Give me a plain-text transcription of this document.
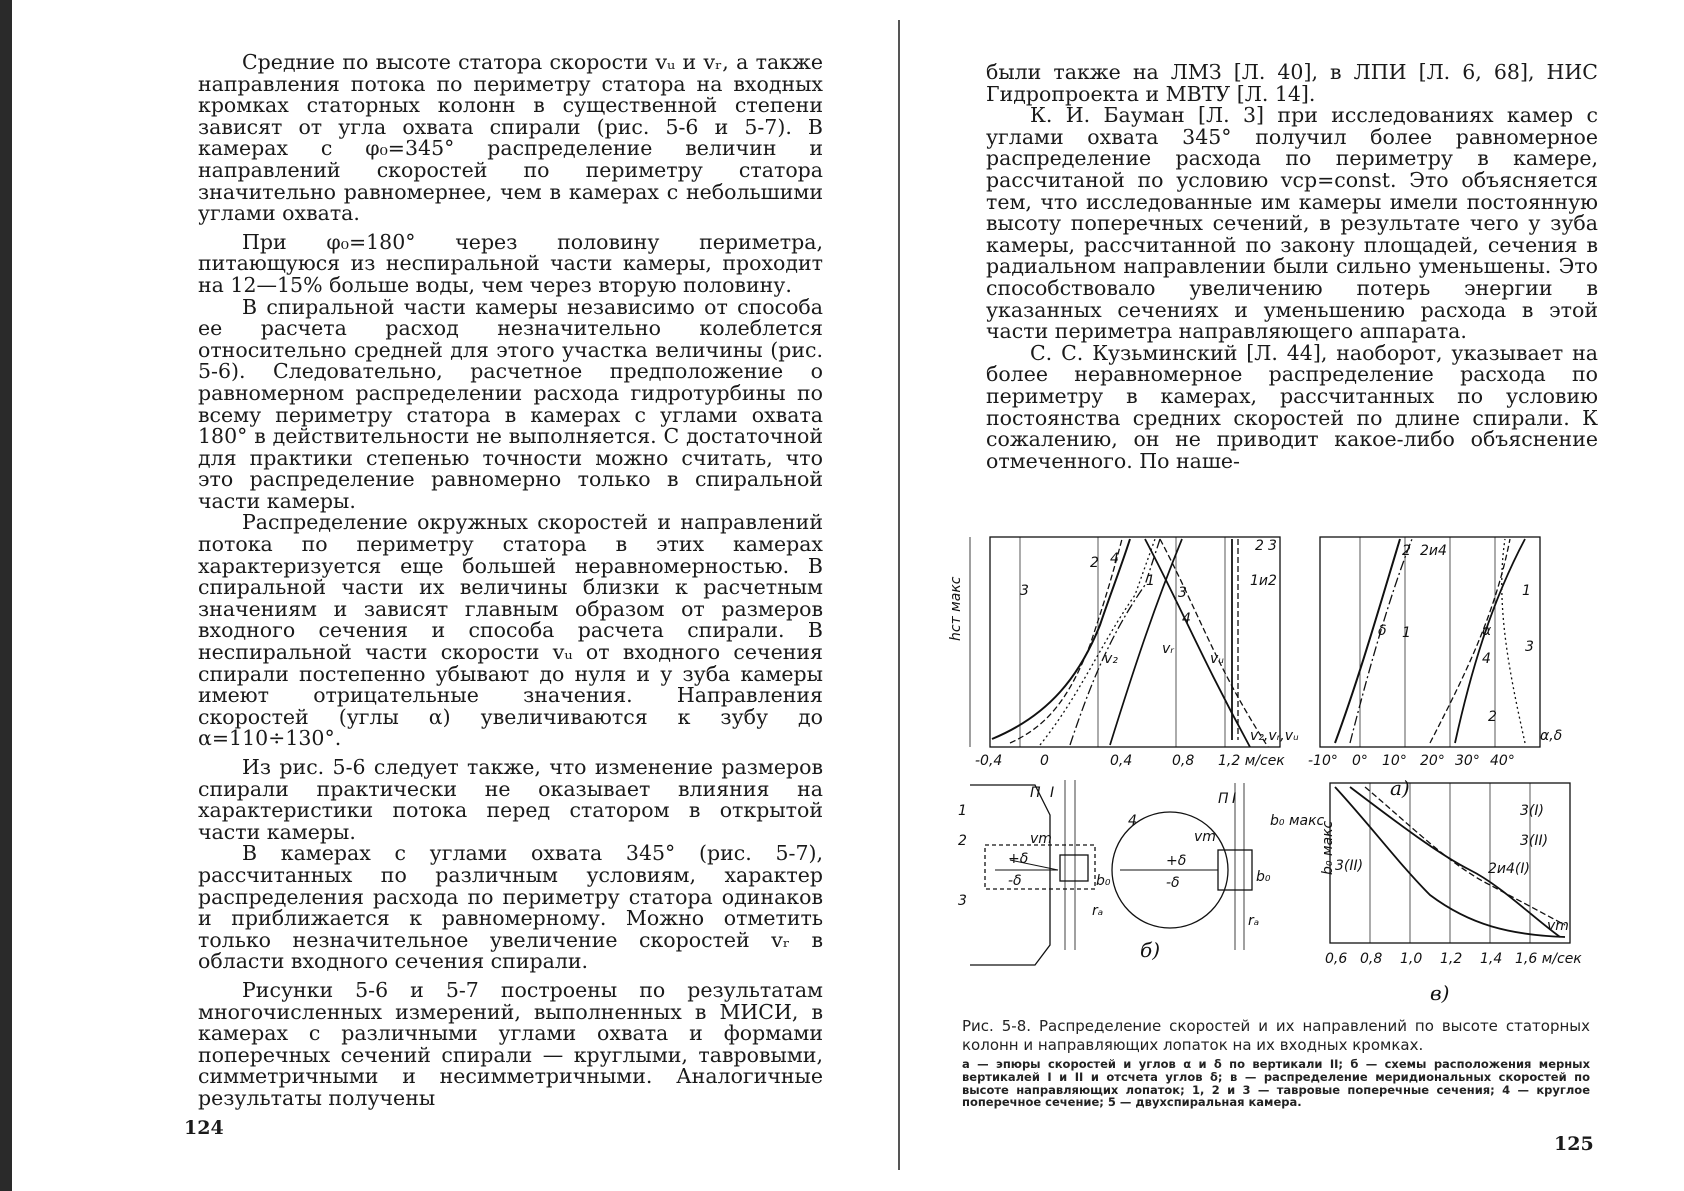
Средние по высоте статора скорости vᵤ и vᵣ, а также направления потока по периметру статора на входных кромках статорных колонн в существенной степени зависят от угла охвата спирали (рис. 5-6 и 5-7). В камерах с φ₀=345° распределение величин и направлений скоростей по периметру статора значительно равномернее, чем в камерах с небольшими углами охвата.

При φ₀=180° через половину периметра, питающуюся из неспиральной части камеры, проходит на 12—15% больше воды, чем через вторую половину.

В спиральной части камеры независимо от способа ее расчета расход незначительно колеблется относительно средней для этого участка величины (рис. 5-6). Следовательно, расчетное предположение о равномерном распределении расхода гидротурбины по всему периметру статора в камерах с углами охвата 180° в действительности не выполняется. С достаточной для практики степенью точности можно считать, что это распределение равномерно только в спиральной части камеры.

Распределение окружных скоростей и направлений потока по периметру статора в этих камерах характеризуется еще большей неравномерностью. В спиральной части их величины близки к расчетным значениям и зависят главным образом от размеров входного сечения и способа расчета спирали. В неспиральной части скорости vᵤ от входного сечения спирали постепенно убывают до нуля и у зуба камеры имеют отрицательные значения. Направления скоростей (углы α) увеличиваются к зубу до α=110÷130°.

Из рис. 5-6 следует также, что изменение размеров спирали практически не оказывает влияния на характеристики потока перед статором в открытой части камеры.

В камерах с углами охвата 345° (рис. 5-7), рассчитанных по различным условиям, характер распределения расхода по периметру статора одинаков и приближается к равномерному. Можно отметить только незначительное увеличение скоростей vᵣ в области входного сечения спирали.

Рисунки 5-6 и 5-7 построены по результатам многочисленных измерений, выполненных в МИСИ, в камерах с различными углами охвата и формами поперечных сечений спирали — круглыми, тавровыми, симметричными и несимметричными. Аналогичные результаты получены

124

были также на ЛМЗ [Л. 40], в ЛПИ [Л. 6, 68], НИС Гидропроекта и МВТУ [Л. 14].

К. И. Бауман [Л. 3] при исследованиях камер с углами охвата 345° получил более равномерное распределение расхода по периметру в камере, рассчитаной по условию vср=const. Это объясняется тем, что исследованные им камеры имели постоянную высоту поперечных сечений, в результате чего у зуба камеры, рассчитанной по закону площадей, сечения в радиальном направлении были сильно уменьшены. Это способствовало увеличению потерь энергии в указанных сечениях и уменьшению расхода в этой части периметра направляющего аппарата.

С. С. Кузьминский [Л. 44], наоборот, указывает на более неравномерное распределение расхода по периметру в камерах, рассчитанных по условию постоянства средних скоростей по длине спирали. К сожалению, он не приводит какое-либо объяснение отмеченного. По наше-

hст макс
-0,4	0	0,4	0,8 1,2 м/сек
v₂,vᵣ,vᵤ
3
2 4
1
3
4
2 3
1и2
v₂
vᵣ
vᵤ
-10° 0° 10° 20° 30° 40°
α,δ
2 2и4
δ 1	α
1
4
3
2
а)
П I
1
2
3
vm
+δ
-δ	b₀
rₐ
П I
4
vm
+δ
-δ	b₀
rₐ
b₀ макс
б)
3(I)
3(II)
3(II)
2и4(I)
vm
0,6 0,8 1,0 1,2 1,4 1,6 м/сек
b₀ макс
в)
Рис. 5-8. Распределение скоростей и их направлений по высоте статорных колонн и направляющих лопаток на их входных кромках.
а — эпюры скоростей и углов α и δ по вертикали II; б — схемы расположения мерных вертикалей I и II и отсчета углов δ; в — распределение меридиональных скоростей по высоте направляющих лопаток; 1, 2 и 3 — тавровые поперечные сечения; 4 — круглое поперечное сечение; 5 — двухспиральная камера.
125
